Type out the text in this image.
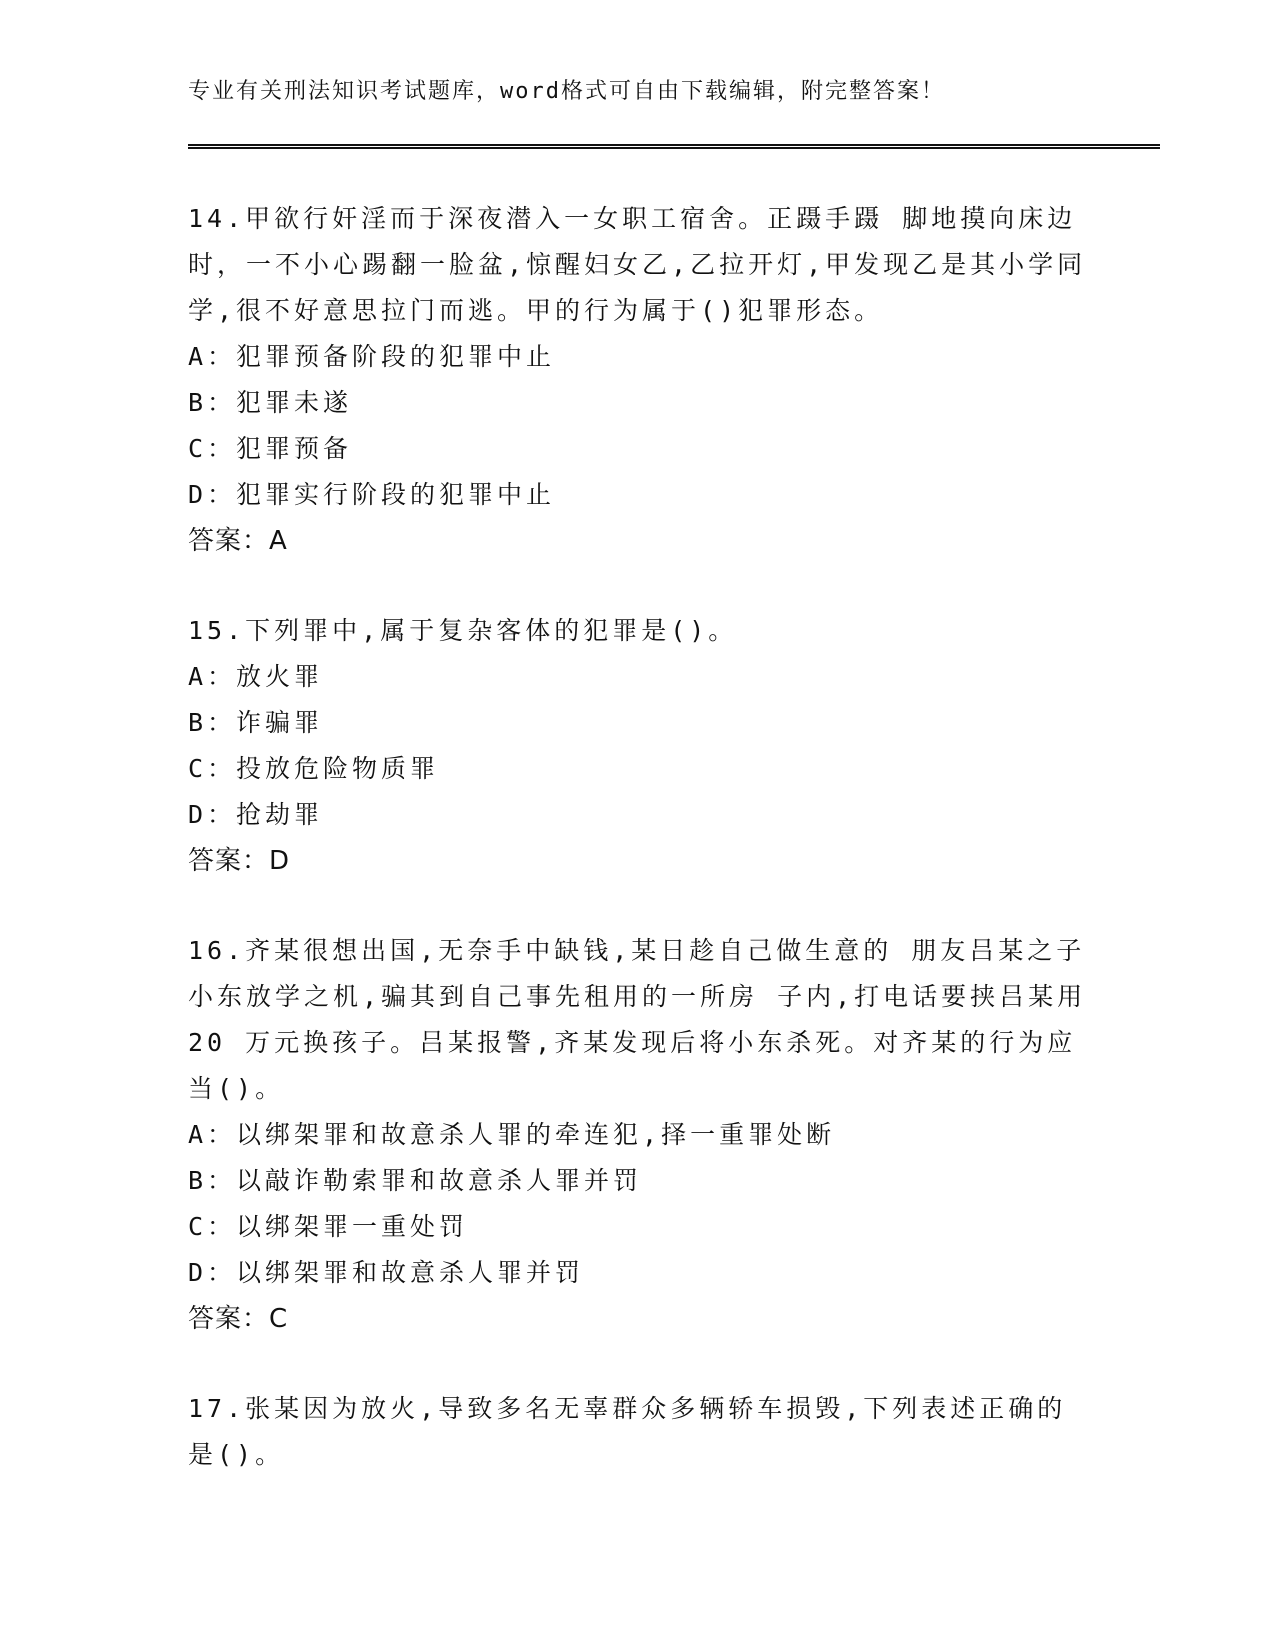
专业有关刑法知识考试题库，word格式可自由下载编辑，附完整答案！
14.甲欲行奸淫而于深夜潜入一女职工宿舍。正蹑手蹑 脚地摸向床边时，一不小心踢翻一脸盆,惊醒妇女乙,乙拉开灯,甲发现乙是其小学同学,很不好意思拉门而逃。甲的行为属于()犯罪形态。
A：犯罪预备阶段的犯罪中止
B：犯罪未遂
C：犯罪预备
D：犯罪实行阶段的犯罪中止
答案：A
15.下列罪中,属于复杂客体的犯罪是()。
A：放火罪
B：诈骗罪
C：投放危险物质罪
D：抢劫罪
答案：D
16.齐某很想出国,无奈手中缺钱,某日趁自己做生意的 朋友吕某之子小东放学之机,骗其到自己事先租用的一所房 子内,打电话要挟吕某用20 万元换孩子。吕某报警,齐某发现后将小东杀死。对齐某的行为应当()。
A：以绑架罪和故意杀人罪的牵连犯,择一重罪处断
B：以敲诈勒索罪和故意杀人罪并罚
C：以绑架罪一重处罚
D：以绑架罪和故意杀人罪并罚
答案：C
17.张某因为放火,导致多名无辜群众多辆轿车损毁,下列表述正确的是()。
